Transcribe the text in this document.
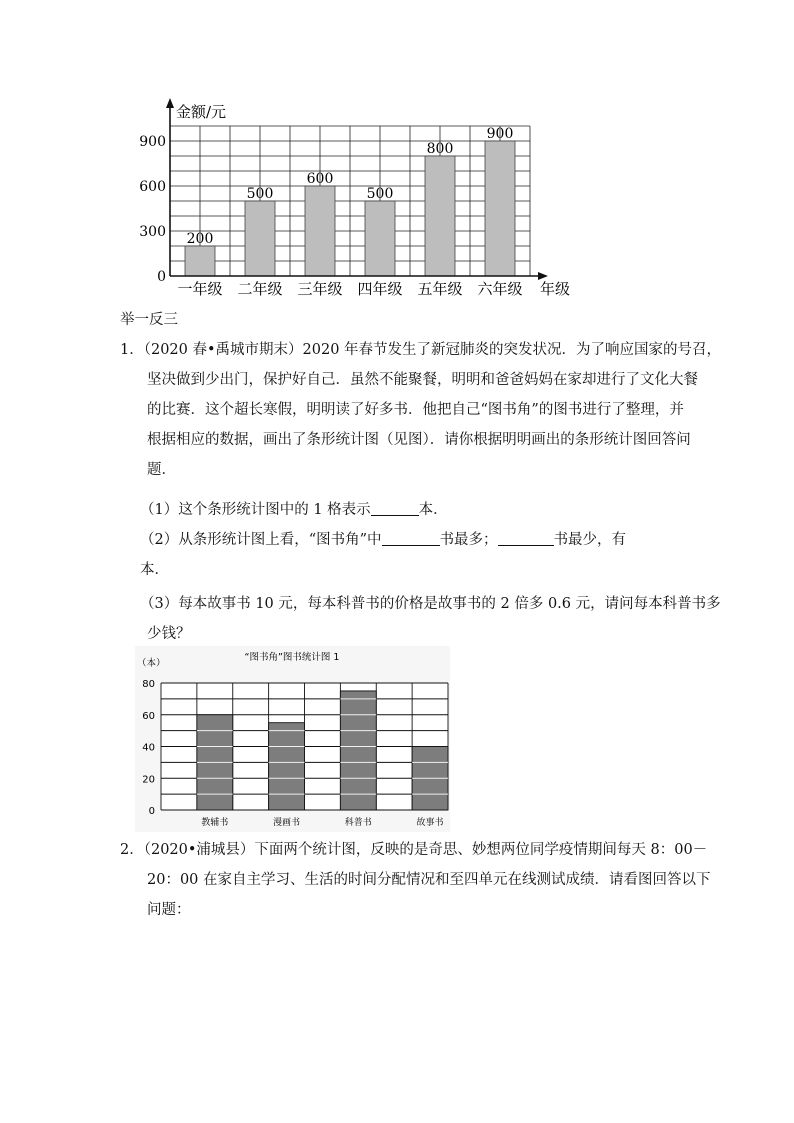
0
300
600
900
一年级 二年级 三年级 四年级 五年级 六年级
200
500
600
500
800
900
金额/元
年级
举一反三
1．（2020 春•禹城市期末）2020 年春节发生了新冠肺炎的突发状况．为了响应国家的号召，
坚决做到少出门，保护好自己．虽然不能聚餐，明明和爸爸妈妈在家却进行了文化大餐
的比赛．这个超长寒假，明明读了好多书．他把自己“图书角”的图书进行了整理，并
根据相应的数据，画出了条形统计图（见图）．请你根据明明画出的条形统计图回答问
题．
（1）这个条形统计图中的 1 格表示	本．
（2）从条形统计图上看，“图书角”中	书最多；	书最少，有
本．
（3）每本故事书 10 元，每本科普书的价格是故事书的 2 倍多 0.6 元，请问每本科普书多
少钱？
“图书角”图书统计图 1
（本）
0
20
40
60
80
教辅书	漫画书	科普书	故事书
2．（2020•浦城县）下面两个统计图，反映的是奇思、妙想两位同学疫情期间每天 8：00－
20：00 在家自主学习、生活的时间分配情况和至四单元在线测试成绩．请看图回答以下
问题：
